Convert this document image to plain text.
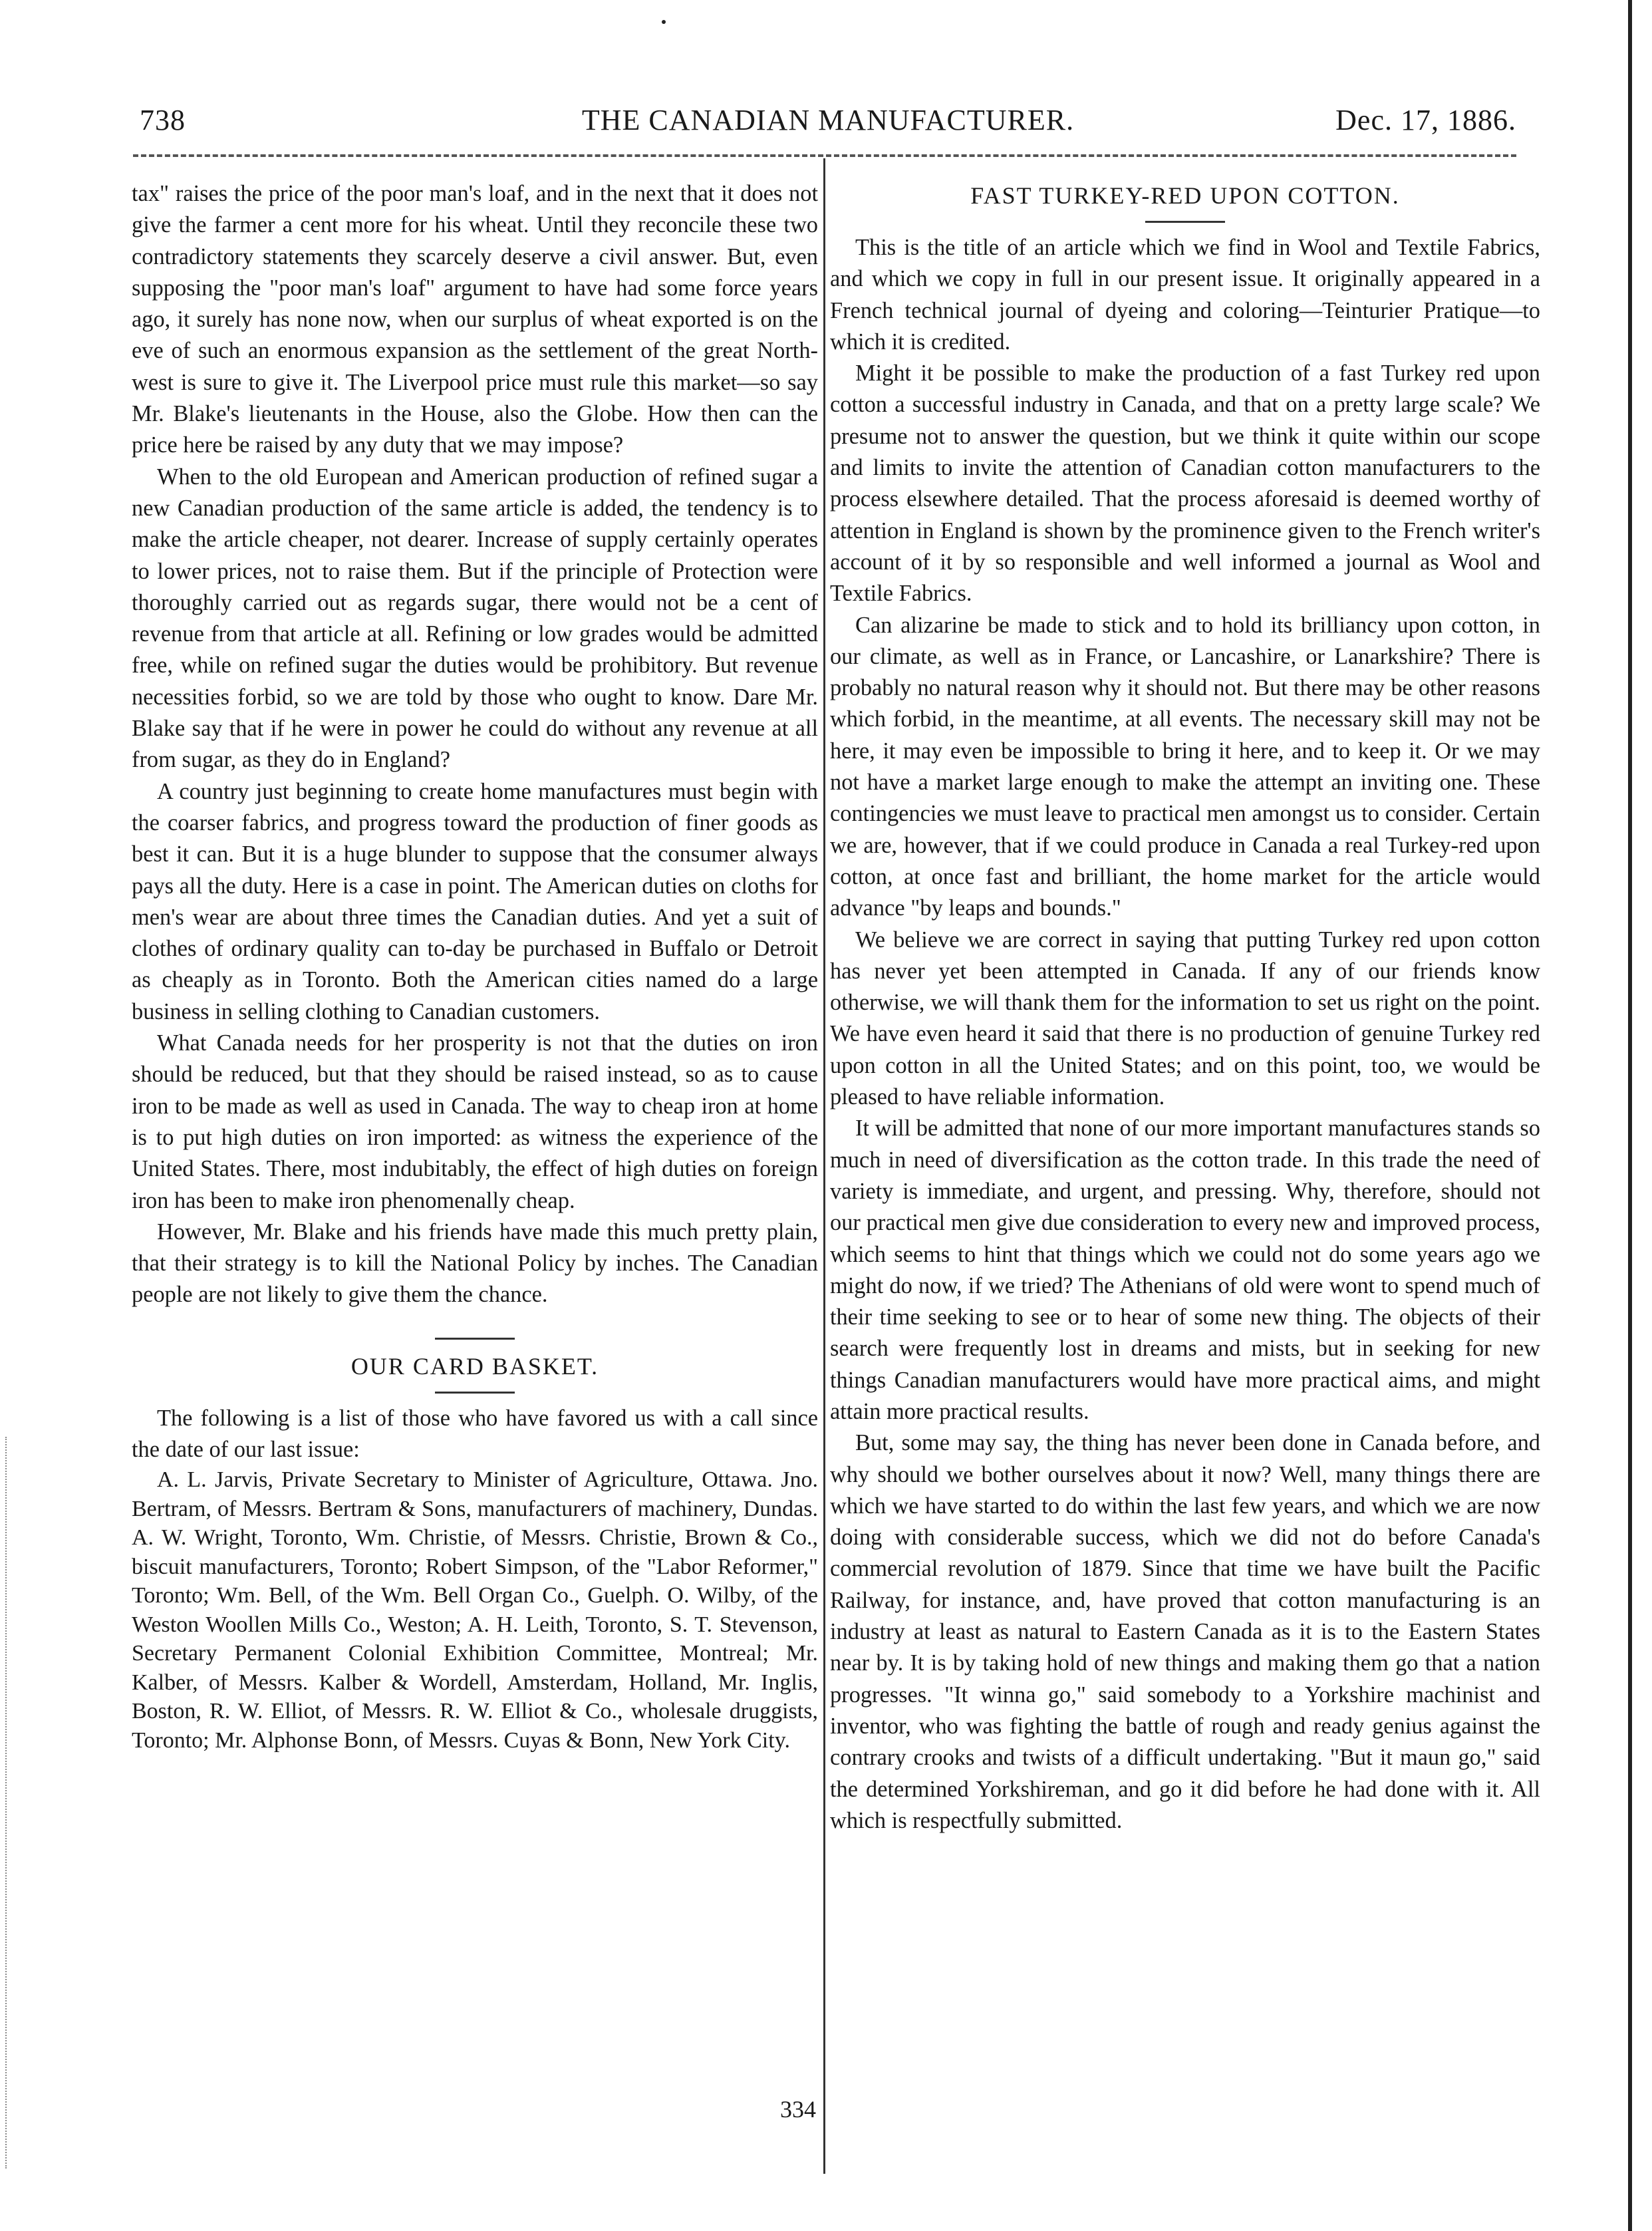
738	THE CANADIAN MANUFACTURER.	Dec. 17, 1886.

tax" raises the price of the poor man's loaf, and in the next that it does not give the farmer a cent more for his wheat. Until they reconcile these two contradictory statements they scarcely deserve a civil answer. But, even supposing the "poor man's loaf" argument to have had some force years ago, it surely has none now, when our surplus of wheat exported is on the eve of such an enormous expansion as the settlement of the great North-west is sure to give it. The Liverpool price must rule this market—so say Mr. Blake's lieutenants in the House, also the Globe. How then can the price here be raised by any duty that we may impose?

When to the old European and American production of refined sugar a new Canadian production of the same article is added, the tendency is to make the article cheaper, not dearer. Increase of supply certainly operates to lower prices, not to raise them. But if the principle of Protection were thoroughly carried out as regards sugar, there would not be a cent of revenue from that article at all. Refining or low grades would be admitted free, while on refined sugar the duties would be prohibitory. But revenue necessities forbid, so we are told by those who ought to know. Dare Mr. Blake say that if he were in power he could do without any revenue at all from sugar, as they do in England?

A country just beginning to create home manufactures must begin with the coarser fabrics, and progress toward the production of finer goods as best it can. But it is a huge blunder to suppose that the consumer always pays all the duty. Here is a case in point. The American duties on cloths for men's wear are about three times the Canadian duties. And yet a suit of clothes of ordinary quality can to-day be purchased in Buffalo or Detroit as cheaply as in Toronto. Both the American cities named do a large business in selling clothing to Canadian customers.

What Canada needs for her prosperity is not that the duties on iron should be reduced, but that they should be raised instead, so as to cause iron to be made as well as used in Canada. The way to cheap iron at home is to put high duties on iron imported: as witness the experience of the United States. There, most indubitably, the effect of high duties on foreign iron has been to make iron phenomenally cheap.

However, Mr. Blake and his friends have made this much pretty plain, that their strategy is to kill the National Policy by inches. The Canadian people are not likely to give them the chance.

OUR CARD BASKET.

The following is a list of those who have favored us with a call since the date of our last issue:

A. L. Jarvis, Private Secretary to Minister of Agriculture, Ottawa. Jno. Bertram, of Messrs. Bertram & Sons, manufacturers of machinery, Dundas. A. W. Wright, Toronto, Wm. Christie, of Messrs. Christie, Brown & Co., biscuit manufacturers, Toronto; Robert Simpson, of the "Labor Reformer," Toronto; Wm. Bell, of the Wm. Bell Organ Co., Guelph. O. Wilby, of the Weston Woollen Mills Co., Weston; A. H. Leith, Toronto, S. T. Stevenson, Secretary Permanent Colonial Exhibition Committee, Montreal; Mr. Kalber, of Messrs. Kalber & Wordell, Amsterdam, Holland, Mr. Inglis, Boston, R. W. Elliot, of Messrs. R. W. Elliot & Co., wholesale druggists, Toronto; Mr. Alphonse Bonn, of Messrs. Cuyas & Bonn, New York City.

FAST TURKEY-RED UPON COTTON.

This is the title of an article which we find in Wool and Textile Fabrics, and which we copy in full in our present issue. It originally appeared in a French technical journal of dyeing and coloring—Teinturier Pratique—to which it is credited.

Might it be possible to make the production of a fast Turkey red upon cotton a successful industry in Canada, and that on a pretty large scale? We presume not to answer the question, but we think it quite within our scope and limits to invite the attention of Canadian cotton manufacturers to the process elsewhere detailed. That the process aforesaid is deemed worthy of attention in England is shown by the prominence given to the French writer's account of it by so responsible and well informed a journal as Wool and Textile Fabrics.

Can alizarine be made to stick and to hold its brilliancy upon cotton, in our climate, as well as in France, or Lancashire, or Lanarkshire? There is probably no natural reason why it should not. But there may be other reasons which forbid, in the meantime, at all events. The necessary skill may not be here, it may even be impossible to bring it here, and to keep it. Or we may not have a market large enough to make the attempt an inviting one. These contingencies we must leave to practical men amongst us to consider. Certain we are, however, that if we could produce in Canada a real Turkey-red upon cotton, at once fast and brilliant, the home market for the article would advance "by leaps and bounds."

We believe we are correct in saying that putting Turkey red upon cotton has never yet been attempted in Canada. If any of our friends know otherwise, we will thank them for the information to set us right on the point. We have even heard it said that there is no production of genuine Turkey red upon cotton in all the United States; and on this point, too, we would be pleased to have reliable information.

It will be admitted that none of our more important manufactures stands so much in need of diversification as the cotton trade. In this trade the need of variety is immediate, and urgent, and pressing. Why, therefore, should not our practical men give due consideration to every new and improved process, which seems to hint that things which we could not do some years ago we might do now, if we tried? The Athenians of old were wont to spend much of their time seeking to see or to hear of some new thing. The objects of their search were frequently lost in dreams and mists, but in seeking for new things Canadian manufacturers would have more practical aims, and might attain more practical results.

But, some may say, the thing has never been done in Canada before, and why should we bother ourselves about it now? Well, many things there are which we have started to do within the last few years, and which we are now doing with considerable success, which we did not do before Canada's commercial revolution of 1879. Since that time we have built the Pacific Railway, for instance, and, have proved that cotton manufacturing is an industry at least as natural to Eastern Canada as it is to the Eastern States near by. It is by taking hold of new things and making them go that a nation progresses. "It winna go," said somebody to a Yorkshire machinist and inventor, who was fighting the battle of rough and ready genius against the contrary crooks and twists of a difficult undertaking. "But it maun go," said the determined Yorkshireman, and go it did before he had done with it. All which is respectfully submitted.

334
